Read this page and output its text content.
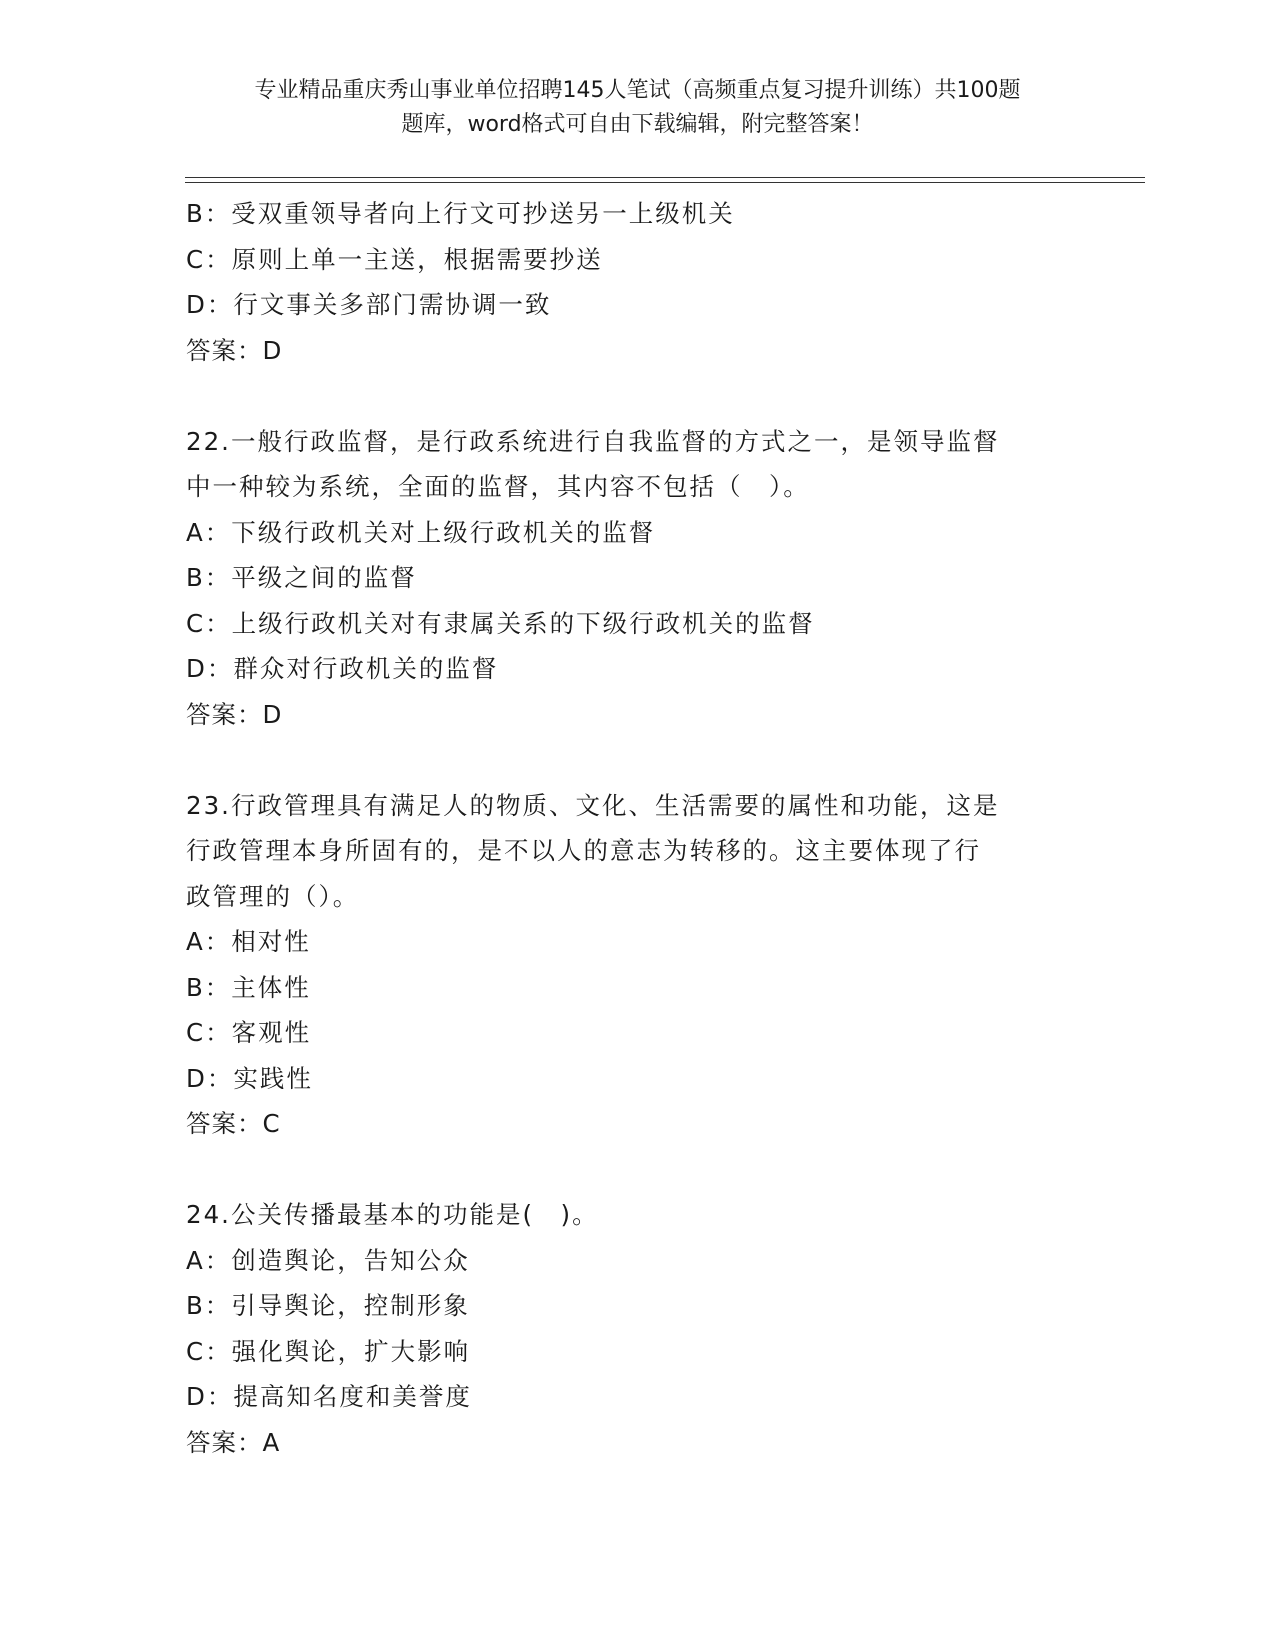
专业精品重庆秀山事业单位招聘145人笔试（高频重点复习提升训练）共100题
题库，word格式可自由下载编辑，附完整答案！

B：受双重领导者向上行文可抄送另一上级机关

C：原则上单一主送，根据需要抄送

D：行文事关多部门需协调一致

答案：D

22.一般行政监督，是行政系统进行自我监督的方式之一，是领导监督

中一种较为系统，全面的监督，其内容不包括（　）。

A：下级行政机关对上级行政机关的监督

B：平级之间的监督

C：上级行政机关对有隶属关系的下级行政机关的监督

D：群众对行政机关的监督

答案：D

23.行政管理具有满足人的物质、文化、生活需要的属性和功能，这是

行政管理本身所固有的，是不以人的意志为转移的。这主要体现了行

政管理的（）。

A：相对性

B：主体性

C：客观性

D：实践性

答案：C

24.公关传播最基本的功能是(　)。

A：创造舆论，告知公众

B：引导舆论，控制形象

C：强化舆论，扩大影响

D：提高知名度和美誉度

答案：A
